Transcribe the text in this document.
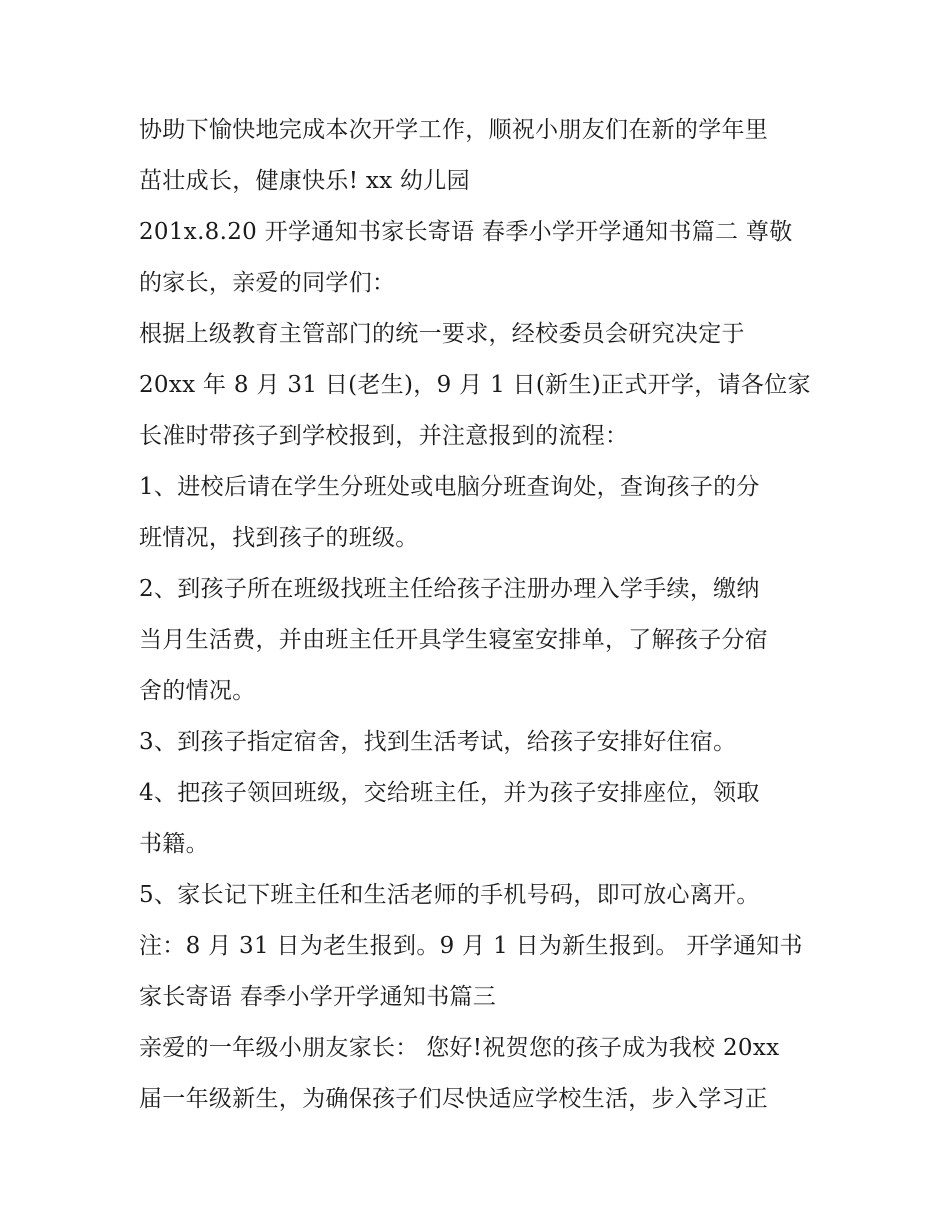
协助下愉快地完成本次开学工作，顺祝小朋友们在新的学年里
茁壮成长，健康快乐! xx 幼儿园
201x.8.20 开学通知书家长寄语 春季小学开学通知书篇二 尊敬
的家长，亲爱的同学们：
根据上级教育主管部门的统一要求，经校委员会研究决定于
20xx 年 8 月 31 日(老生)，9 月 1 日(新生)正式开学，请各位家
长准时带孩子到学校报到，并注意报到的流程：
1、进校后请在学生分班处或电脑分班查询处，查询孩子的分
班情况，找到孩子的班级。
2、到孩子所在班级找班主任给孩子注册办理入学手续，缴纳
当月生活费，并由班主任开具学生寝室安排单，了解孩子分宿
舍的情况。
3、到孩子指定宿舍，找到生活考试，给孩子安排好住宿。
4、把孩子领回班级，交给班主任，并为孩子安排座位，领取
书籍。
5、家长记下班主任和生活老师的手机号码，即可放心离开。
注：8 月 31 日为老生报到。9 月 1 日为新生报到。 开学通知书
家长寄语 春季小学开学通知书篇三
亲爱的一年级小朋友家长： 您好!祝贺您的孩子成为我校 20xx
届一年级新生，为确保孩子们尽快适应学校生活，步入学习正
